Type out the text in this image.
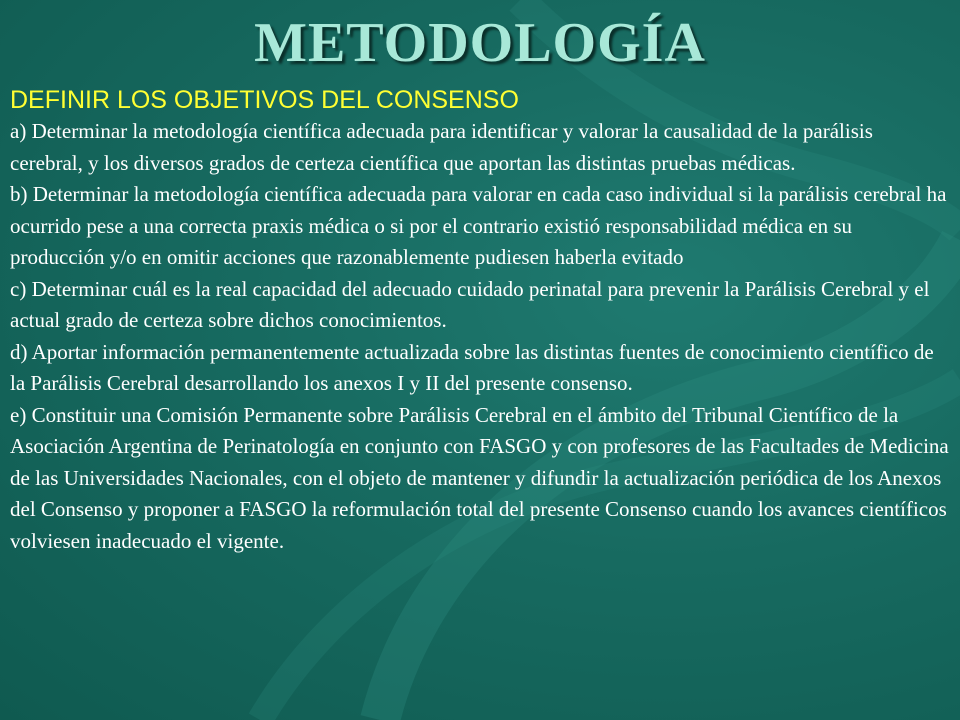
METODOLOGÍA

DEFINIR LOS OBJETIVOS DEL CONSENSO

a) Determinar la metodología científica adecuada para identificar y valorar la causalidad de la parálisis cerebral, y los diversos grados de certeza científica que aportan las distintas pruebas médicas.

b) Determinar la metodología científica adecuada para valorar en cada caso individual si la parálisis cerebral ha ocurrido pese a una correcta praxis médica o si por el contrario existió responsabilidad médica en su producción y/o en omitir acciones que razonablemente pudiesen haberla evitado

c) Determinar cuál es la real capacidad del adecuado cuidado perinatal para prevenir la Parálisis Cerebral y el actual grado de certeza sobre dichos conocimientos.

d) Aportar información permanentemente actualizada sobre las distintas fuentes de conocimiento científico de la Parálisis Cerebral desarrollando los anexos I y II del presente consenso.

e) Constituir una Comisión Permanente sobre Parálisis Cerebral en el ámbito del Tribunal Científico de la Asociación Argentina de Perinatología en conjunto con FASGO y con profesores de las Facultades de Medicina de las Universidades Nacionales, con el objeto de mantener y difundir la actualización periódica de los Anexos del Consenso y proponer a FASGO la reformulación total del presente Consenso cuando los avances científicos volviesen inadecuado el vigente.
